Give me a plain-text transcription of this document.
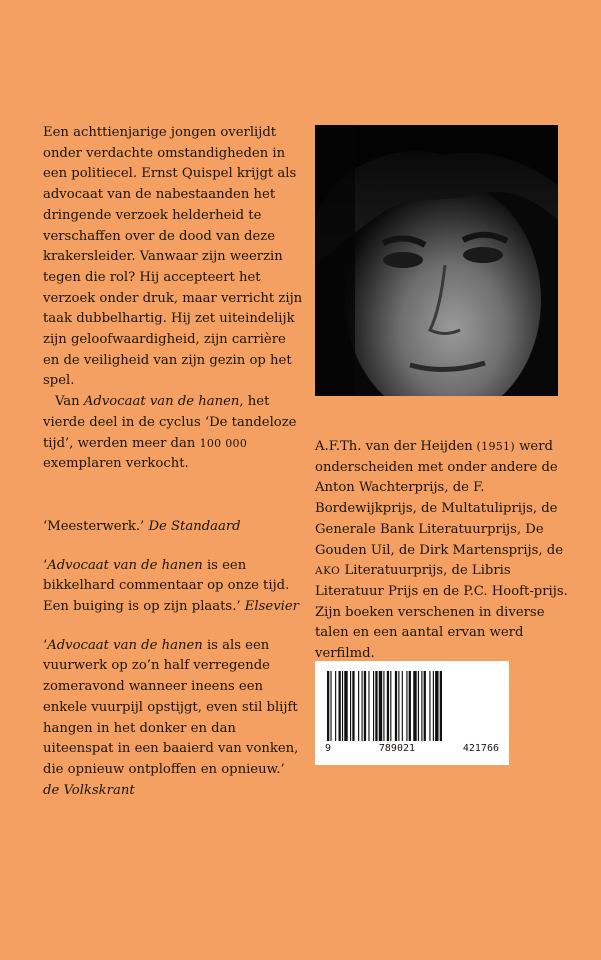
Een achttienjarige jongen overlijdt onder verdachte omstandigheden in een politiecel. Ernst Quispel krijgt als advocaat van de nabestaanden het dringende verzoek helderheid te verschaffen over de dood van deze krakersleider. Vanwaar zijn weerzin tegen die rol? Hij accepteert het verzoek onder druk, maar verricht zijn taak dubbelhartig. Hij zet uiteindelijk zijn geloofwaardigheid, zijn carrière en de veiligheid van zijn gezin op het spel.

Van Advocaat van de hanen, het vierde deel in de cyclus ‘De tandeloze tijd’, werden meer dan 100 000 exemplaren verkocht.

‘Meesterwerk.’ De Standaard

‘Advocaat van de hanen is een bikkelhard commentaar op onze tijd. Een buiging is op zijn plaats.’ Elsevier

‘Advocaat van de hanen is als een vuurwerk op zo’n half verregende zomeravond wanneer ineens een enkele vuurpijl opstijgt, even stil blijft hangen in het donker en dan uiteenspat in een baaierd van vonken, die opnieuw ontploffen en opnieuw.’ de Volkskrant

A.F.Th. van der Heijden (1951) werd onderscheiden met onder andere de Anton Wachterprijs, de F. Bordewijkprijs, de Multatuliprijs, de Generale Bank Literatuurprijs, De Gouden Uil, de Dirk Martensprijs, de AKO Literatuurprijs, de Libris Literatuur Prijs en de P.C. Hooft-prijs. Zijn boeken verschenen in diverse talen en een aantal ervan werd verfilmd.

9	789021	421766
